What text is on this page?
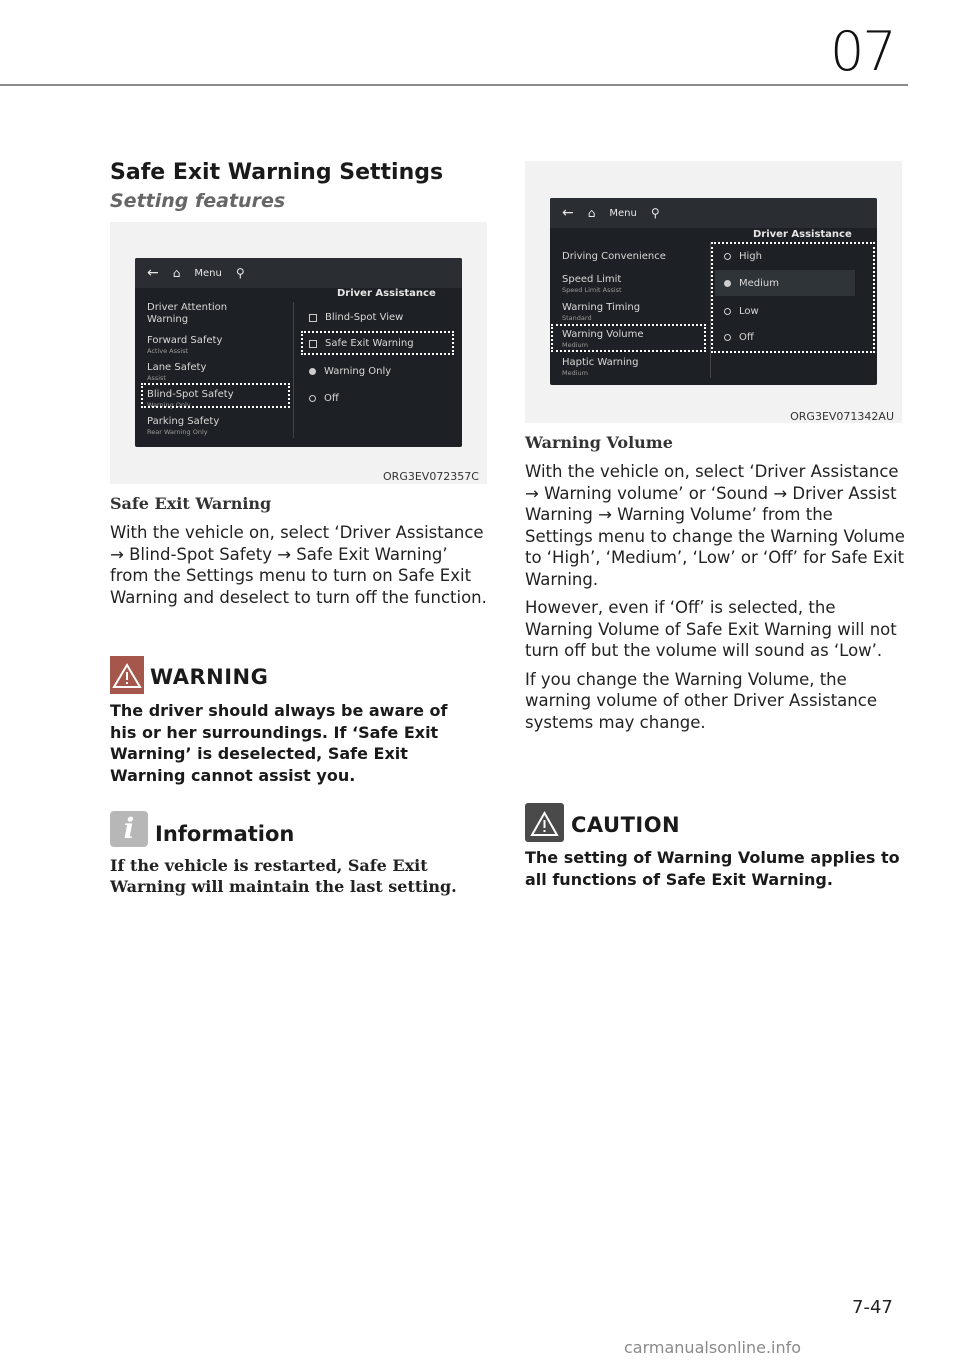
07
Safe Exit Warning Settings
Setting features
← ⌂ Menu ⚲
Driver Assistance
Driver Attention
Warning
Forward Safety
Active Assist
Lane Safety
Assist
Blind-Spot Safety
Warning Only
Parking Safety
Rear Warning Only
Blind-Spot View
Safe Exit Warning
Warning Only
Off
ORG3EV072357C
Safe Exit Warning

With the vehicle on, select ‘Driver Assistance → Blind-Spot Safety → Safe Exit Warning’ from the Settings menu to turn on Safe Exit Warning and deselect to turn off the function.

WARNING
The driver should always be aware of his or her surroundings. If ‘Safe Exit Warning’ is deselected, Safe Exit Warning cannot assist you.
i Information
If the vehicle is restarted, Safe Exit Warning will maintain the last setting.
← ⌂ Menu ⚲
Driver Assistance
Driving Convenience
Speed Limit
Speed Limit Assist
Warning Timing
Standard
Warning Volume
Medium
Haptic Warning
Medium
High
Medium
Low
Off
ORG3EV071342AU
Warning Volume

With the vehicle on, select ‘Driver Assistance → Warning volume’ or ‘Sound → Driver Assist Warning → Warning Volume’ from the Settings menu to change the Warning Volume to ‘High’, ‘Medium’, ‘Low’ or ‘Off’ for Safe Exit Warning.

However, even if ‘Off’ is selected, the Warning Volume of Safe Exit Warning will not turn off but the volume will sound as ‘Low’.

If you change the Warning Volume, the warning volume of other Driver Assistance systems may change.

CAUTION
The setting of Warning Volume applies to all functions of Safe Exit Warning.
7-47
carmanualsonline.info
